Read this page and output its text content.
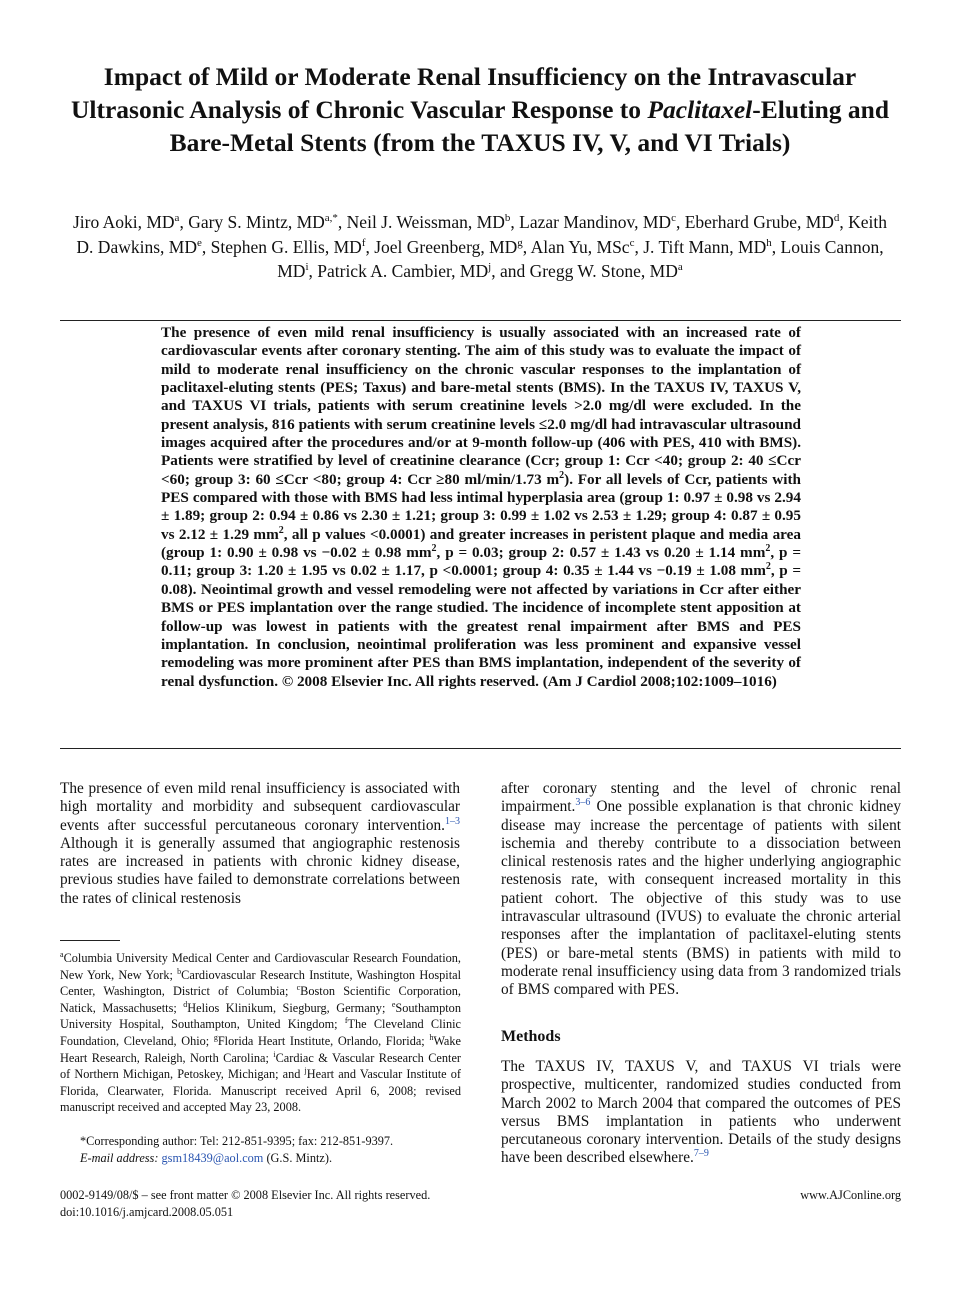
Impact of Mild or Moderate Renal Insufficiency on the Intravascular Ultrasonic Analysis of Chronic Vascular Response to Paclitaxel-Eluting and Bare-Metal Stents (from the TAXUS IV, V, and VI Trials)

Jiro Aoki, $MD^a$, Gary S. Mintz, $MD^{a,*}$, Neil J. Weissman, $MD^b$, Lazar Mandinov, $MD^c$, Eberhard Grube, $MD^d$, Keith D. Dawkins, MDe, Stephen G. Ellis, $MD^f$, Joel Greenberg, $MD^g$, Alan Yu, MSc$^c$, J. Tift Mann, $MD^h$, Louis Cannon, $MD^i$, Patrick A. Cambier, $MD^j$, and Gregg W. Stone, $MD^a$

The presence of even mild renal insufficiency is usually associated with an increased rate of cardiovascular events after coronary stenting. The aim of this study was to evaluate the impact of mild to moderate renal insufficiency on the chronic vascular responses to the implantation of paclitaxel-eluting stents (PES; Taxus) and bare-metal stents (BMS). In the TAXUS IV, TAXUS V, and TAXUS VI trials, patients with serum creatinine levels >2.0 mg/dl were excluded. In the present analysis, 816 patients with serum creatinine levels ≤2.0 mg/dl had intravascular ultrasound images acquired after the procedures and/or at 9-month follow-up (406 with PES, 410 with BMS). Patients were stratified by level of creatinine clearance (Ccr; group 1: Ccr <40; group 2: 40 ≤Ccr <60; group 3: 60 ≤Ccr <80; group 4: Ccr ≥80 ml/min/1.73 $m^2$). For all levels of Ccr, patients with PES compared with those with BMS had less intimal hyperplasia area (group 1: 0.97 ± 0.98 vs 2.94 ± 1.89; group 2: 0.94 ± 0.86 vs 2.30 ± 1.21; group 3: 0.99 ± 1.02 vs 2.53 ± 1.29; group 4: 0.87 ± 0.95 vs 2.12 ± 1.29 $mm^2$, all p values <0.0001) and greater increases in peristent plaque and media area (group 1: 0.90 ± 0.98 vs −0.02 ± 0.98 $mm^2$, p = 0.03; group 2: 0.57 ± 1.43 vs 0.20 ± 1.14 $mm^2$, p = 0.11; group 3: 1.20 ± 1.95 vs 0.02 ± 1.17, p <0.0001; group 4: 0.35 ± 1.44 vs −0.19 ± 1.08 $mm^2$, p = 0.08). Neointimal growth and vessel remodeling were not affected by variations in Ccr after either BMS or PES implantation over the range studied. The incidence of incomplete stent apposition at follow-up was lowest in patients with the greatest renal impairment after BMS and PES implantation. In conclusion, neointimal proliferation was less prominent and expansive vessel remodeling was more prominent after PES than BMS implantation, independent of the severity of renal dysfunction. © 2008 Elsevier Inc. All rights reserved. (Am J Cardiol 2008;102:1009–1016)

The presence of even mild renal insufficiency is associated with high mortality and morbidity and subsequent cardiovascular events after successful percutaneous coronary intervention.$^{1-3}$ Although it is generally assumed that angiographic restenosis rates are increased in patients with chronic kidney disease, previous studies have failed to demonstrate correlations between the rates of clinical restenosis

$^a$Columbia University Medical Center and Cardiovascular Research Foundation, New York, New York; $^b$Cardiovascular Research Institute, Washington Hospital Center, Washington, District of Columbia; $^c$Boston Scientific Corporation, Natick, Massachusetts; $^d$Helios Klinikum, Siegburg, Germany; $^e$Southampton University Hospital, Southampton, United Kingdom; $^f$The Cleveland Clinic Foundation, Cleveland, Ohio; $^g$Florida Heart Institute, Orlando, Florida; $^h$Wake Heart Research, Raleigh, North Carolina; $^i$Cardiac & Vascular Research Center of Northern Michigan, Petoskey, Michigan; and $^j$Heart and Vascular Institute of Florida, Clearwater, Florida. Manuscript received April 6, 2008; revised manuscript received and accepted May 23, 2008.

*Corresponding author: Tel: 212-851-9395; fax: 212-851-9397.

E-mail address: gsm18439@aol.com (G.S. Mintz).

after coronary stenting and the level of chronic renal impairment.$^{3-6}$ One possible explanation is that chronic kidney disease may increase the percentage of patients with silent ischemia and thereby contribute to a dissociation between clinical restenosis rates and the higher underlying angiographic restenosis rate, with consequent increased mortality in this patient cohort. The objective of this study was to use intravascular ultrasound (IVUS) to evaluate the chronic arterial responses after the implantation of paclitaxel-eluting stents (PES) or bare-metal stents (BMS) in patients with mild to moderate renal insufficiency using data from 3 randomized trials of BMS compared with PES.

Methods

The TAXUS IV, TAXUS V, and TAXUS VI trials were prospective, multicenter, randomized studies conducted from March 2002 to March 2004 that compared the outcomes of PES versus BMS implantation in patients who underwent percutaneous coronary intervention. Details of the study designs have been described elsewhere.$^{7-9}$

0002-9149/08/$ – see front matter © 2008 Elsevier Inc. All rights reserved.

doi:10.1016/j.amjcard.2008.05.051

www.AJConline.org
